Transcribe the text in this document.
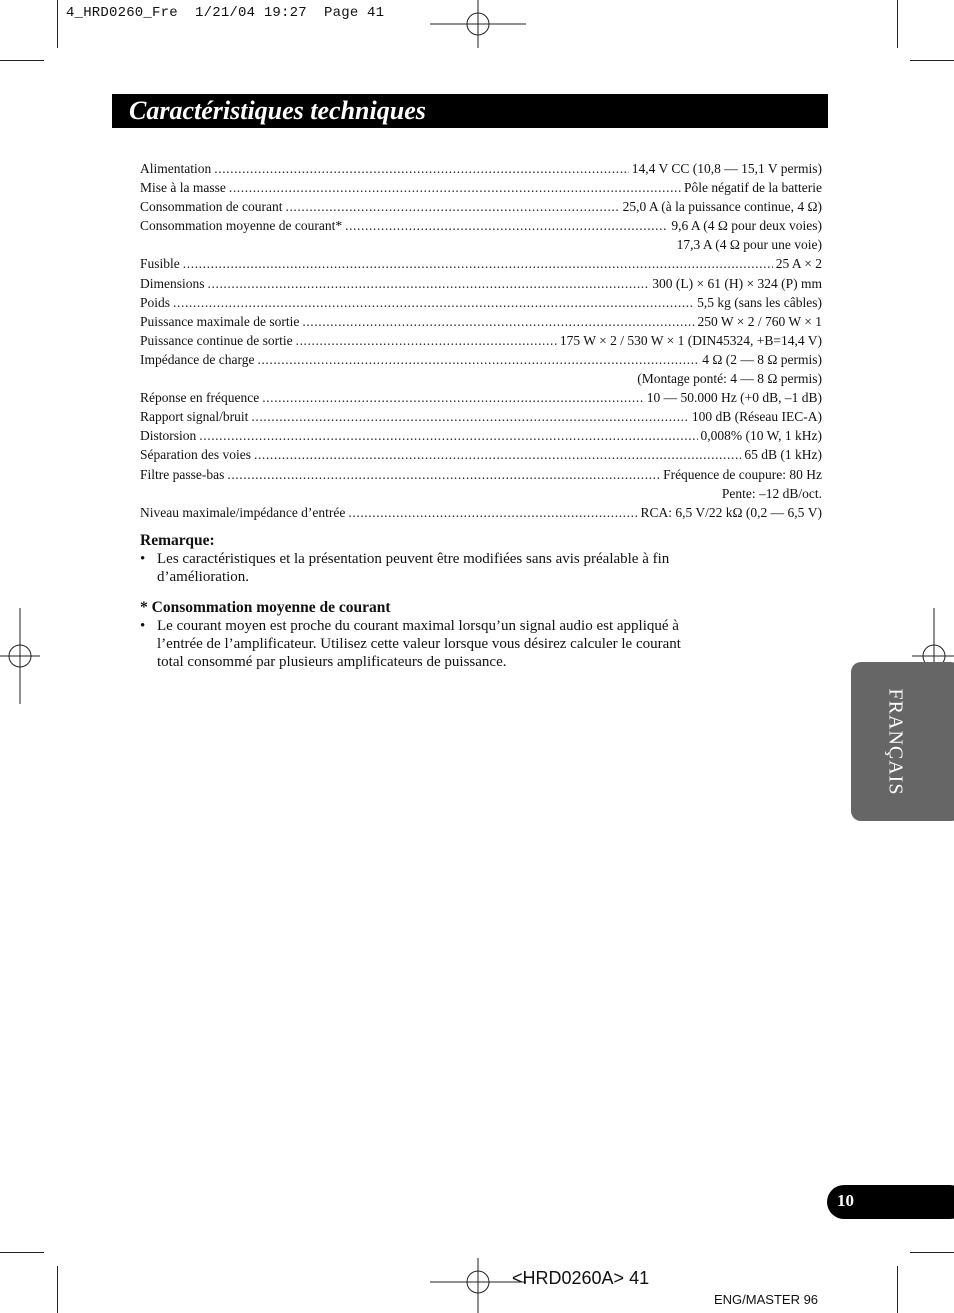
4_HRD0260_Fre  1/21/04 19:27  Page 41
Caractéristiques techniques
Alimentation .....	14,4 V CC (10,8 — 15,1 V permis)
Mise à la masse .....	Pôle négatif de la batterie
Consommation de courant .....	25,0 A (à la puissance continue, 4 Ω)
Consommation moyenne de courant* .....	9,6 A (4 Ω pour deux voies)
17,3 A (4 Ω pour une voie)
Fusible .....	25 A × 2
Dimensions .....	300 (L) × 61 (H) × 324 (P) mm
Poids .....	5,5 kg (sans les câbles)
Puissance maximale de sortie .....	250 W × 2 / 760 W × 1
Puissance continue de sortie .....	175 W × 2 / 530 W × 1 (DIN45324, +B=14,4 V)
Impédance de charge .....	4 Ω (2 — 8 Ω permis)
(Montage ponté: 4 — 8 Ω permis)
Réponse en fréquence .....	10 — 50.000 Hz (+0 dB, –1 dB)
Rapport signal/bruit .....	100 dB (Réseau IEC-A)
Distorsion .....	0,008% (10 W, 1 kHz)
Séparation des voies .....	65 dB (1 kHz)
Filtre passe-bas .....	Fréquence de coupure: 80 Hz
Pente: –12 dB/oct.
Niveau maximale/impédance d’entrée .....	RCA: 6,5 V/22 kΩ (0,2 — 6,5 V)
Remarque:
• Les caractéristiques et la présentation peuvent être modifiées sans avis préalable à fin d’amélioration.
* Consommation moyenne de courant
• Le courant moyen est proche du courant maximal lorsqu’un signal audio est appliqué à l’entrée de l’amplificateur. Utilisez cette valeur lorsque vous désirez calculer le courant total consommé par plusieurs amplificateurs de puissance.
FRANÇAIS
10
<HRD0260A> 41
ENG/MASTER 96
